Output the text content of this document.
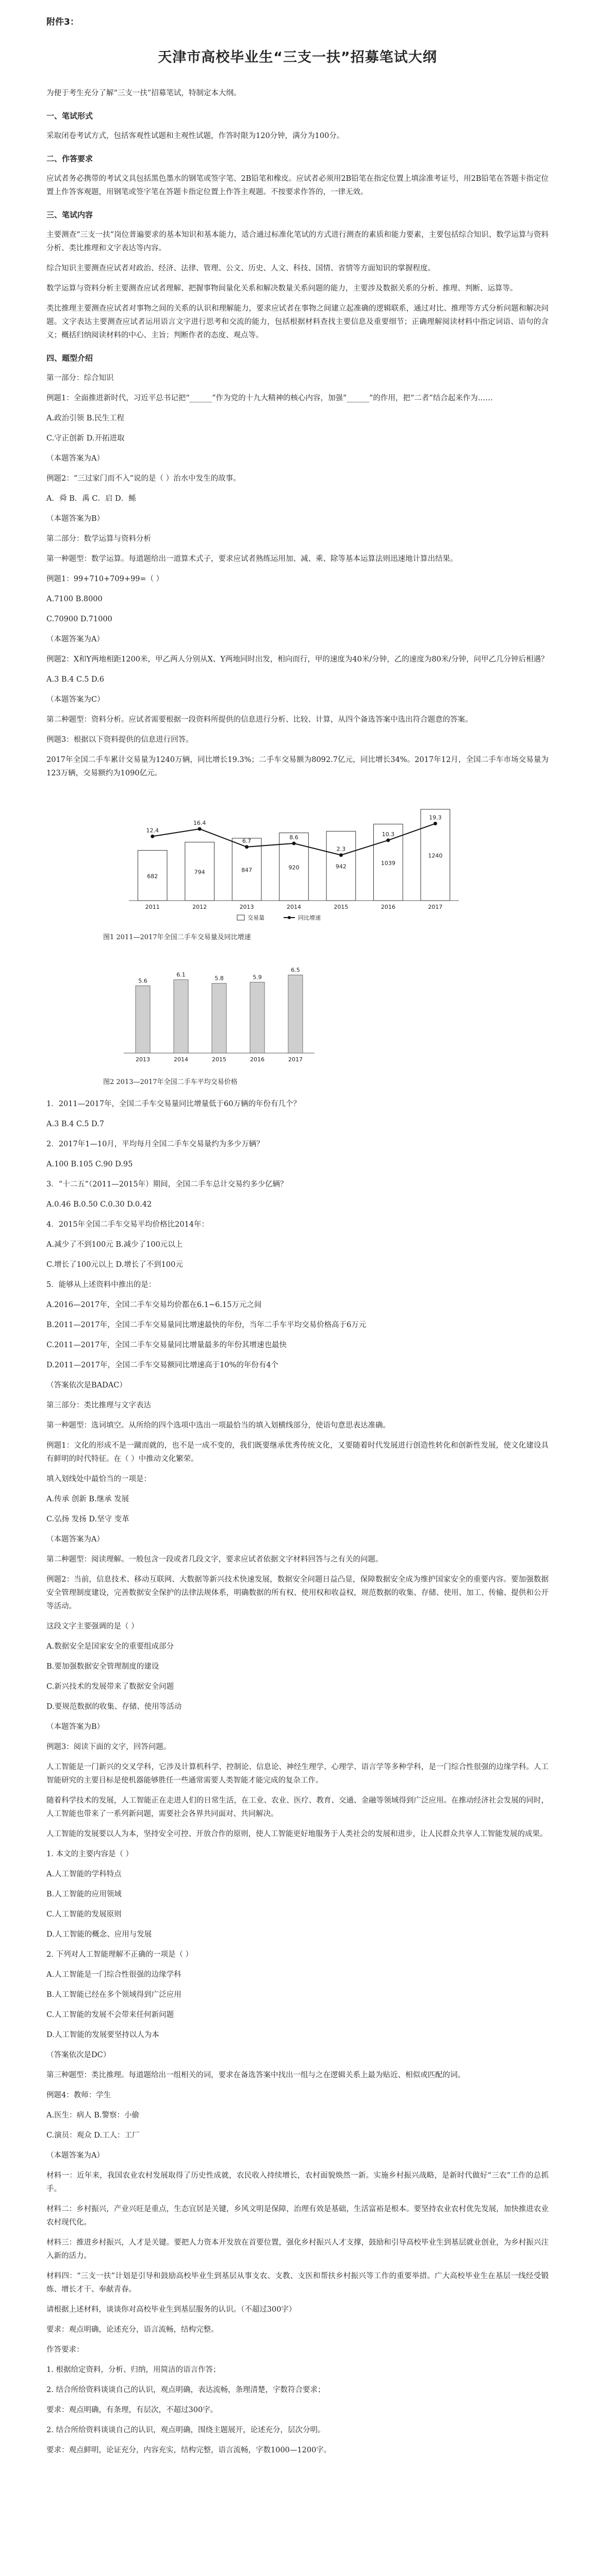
附件3：
天津市高校毕业生“三支一扶”招募笔试大纲

为便于考生充分了解“三支一扶”招募笔试，特制定本大纲。

一、笔试形式

采取闭卷考试方式，包括客观性试题和主观性试题，作答时限为120分钟，满分为100分。

二、作答要求

应试者务必携带的考试文具包括黑色墨水的钢笔或签字笔、2B铅笔和橡皮。应试者必须用2B铅笔在指定位置上填涂准考证号，用2B铅笔在答题卡指定位置上作答客观题，用钢笔或签字笔在答题卡指定位置上作答主观题。不按要求作答的，一律无效。

三、笔试内容

主要测查“三支一扶”岗位普遍要求的基本知识和基本能力，适合通过标准化笔试的方式进行测查的素质和能力要素，主要包括综合知识、数学运算与资料分析、类比推理和文字表达等内容。

综合知识主要测查应试者对政治、经济、法律、管理、公文、历史、人文、科技、国情、省情等方面知识的掌握程度。

数学运算与资料分析主要测查应试者理解、把握事物间量化关系和解决数量关系问题的能力，主要涉及数据关系的分析、推理、判断、运算等。

类比推理主要测查应试者对事物之间的关系的认识和理解能力，要求应试者在事物之间建立起准确的逻辑联系，通过对比、推理等方式分析问题和解决问题。文字表达主要测查应试者运用语言文字进行思考和交流的能力，包括根据材料查找主要信息及重要细节；正确理解阅读材料中指定词语、语句的含义；概括归纳阅读材料的中心、主旨；判断作者的态度、观点等。

四、题型介绍

第一部分：综合知识

例题1：全面推进新时代，习近平总书记把“______”作为党的十九大精神的核心内容，加强“______”的作用，把“二者”结合起来作为……

A.政治引领 B.民生工程

C.守正创新 D.开拓进取

（本题答案为A）

例题2：“三过家门而不入”说的是（ ）治水中发生的故事。

A．舜 B．禹 C．启 D．鲧

（本题答案为B）

第二部分：数学运算与资料分析

第一种题型：数学运算。每道题给出一道算术式子，要求应试者熟练运用加、减、乘、除等基本运算法则迅速地计算出结果。

例题1：99+710+709+99=（ ）

A.7100 B.8000

C.70900 D.71000

（本题答案为A）

例题2：X和Y两地相距1200米，甲乙两人分别从X、Y两地同时出发，相向而行，甲的速度为40米/分钟，乙的速度为80米/分钟，问甲乙几分钟后相遇？

A.3 B.4 C.5 D.6

（本题答案为C）

第二种题型：资料分析。应试者需要根据一段资料所提供的信息进行分析、比较、计算，从四个备选答案中选出符合题意的答案。

例题3：根据以下资料提供的信息进行回答。

2017年全国二手车累计交易量为1240万辆，同比增长19.3%；二手车交易额为8092.7亿元，同比增长34%。2017年12月，全国二手车市场交易量为123万辆，交易额约为1090亿元。

682
2011
794
2012
847
2013
920
2014
942
2015
1039
2016
1240
2017
12.4
16.4
6.7
8.6
2.3
10.3
19.3
交易量	同比增速
图1 2011—2017年全国二手车交易量及同比增速
5.6
2013
6.1
2014
5.8
2015
5.9
2016
6.5
2017
图2 2013—2017年全国二手车平均交易价格

1．2011—2017年，全国二手车交易量同比增量低于60万辆的年份有几个？

A.3 B.4 C.5 D.7

2．2017年1—10月，平均每月全国二手车交易量约为多少万辆？

A.100 B.105 C.90 D.95

3．“十二五”（2011—2015年）期间，全国二手车总计交易约多少亿辆？

A.0.46 B.0.50 C.0.30 D.0.42

4．2015年全国二手车交易平均价格比2014年：

A.减少了不到100元 B.减少了100元以上

C.增长了100元以上 D.增长了不到100元

5．能够从上述资料中推出的是：

A.2016—2017年，全国二手车交易均价都在6.1~6.15万元之间

B.2011—2017年，全国二手车交易量同比增速最快的年份，当年二手车平均交易价格高于6万元

C.2011—2017年，全国二手车交易量同比增量最多的年份其增速也最快

D.2011—2017年，全国二手车交易额同比增速高于10%的年份有4个

（答案依次是BADAC）

第三部分：类比推理与文字表达

第一种题型：选词填空。从所给的四个选项中选出一项最恰当的填入划横线部分，使语句意思表达准确。

例题1：文化的形成不是一蹴而就的，也不是一成不变的，我们既要继承优秀传统文化，又要随着时代发展进行创造性转化和创新性发展，使文化建设具有鲜明的时代特征。在（ ）中推动文化繁荣。

填入划线处中最恰当的一项是：

A.传承 创新 B.继承 发展

C.弘扬 发扬 D.坚守 变革

（本题答案为A）

第二种题型：阅读理解。一般包含一段或者几段文字，要求应试者依据文字材料回答与之有关的问题。

例题2：当前，信息技术、移动互联网、大数据等新兴技术快速发展，数据安全问题日益凸显，保障数据安全成为维护国家安全的重要内容。要加强数据安全管理制度建设，完善数据安全保护的法律法规体系，明确数据的所有权、使用权和收益权，规范数据的收集、存储、使用、加工、传输、提供和公开等活动。

这段文字主要强调的是（ ）

A.数据安全是国家安全的重要组成部分

B.要加强数据安全管理制度的建设

C.新兴技术的发展带来了数据安全问题

D.要规范数据的收集、存储、使用等活动

（本题答案为B）

例题3：阅读下面的文字，回答问题。

人工智能是一门新兴的交叉学科，它涉及计算机科学、控制论、信息论、神经生理学、心理学、语言学等多种学科，是一门综合性很强的边缘学科。人工智能研究的主要目标是使机器能够胜任一些通常需要人类智能才能完成的复杂工作。

随着科学技术的发展，人工智能正在走进人们的日常生活，在工业、农业、医疗、教育、交通、金融等领域得到广泛应用。在推动经济社会发展的同时，人工智能也带来了一系列新问题，需要社会各界共同面对、共同解决。

人工智能的发展要以人为本，坚持安全可控、开放合作的原则，使人工智能更好地服务于人类社会的发展和进步，让人民群众共享人工智能发展的成果。

1. 本文的主要内容是（ ）

A.人工智能的学科特点

B.人工智能的应用领域

C.人工智能的发展原则

D.人工智能的概念、应用与发展

2. 下列对人工智能理解不正确的一项是（ ）

A.人工智能是一门综合性很强的边缘学科

B.人工智能已经在多个领域得到广泛应用

C.人工智能的发展不会带来任何新问题

D.人工智能的发展要坚持以人为本

（答案依次是DC）

第三种题型：类比推理。每道题给出一组相关的词，要求在备选答案中找出一组与之在逻辑关系上最为贴近、相似或匹配的词。

例题4：教师：学生

A.医生：病人 B.警察：小偷

C.演员：观众 D.工人：工厂

（本题答案为A）

材料一：近年来，我国农业农村发展取得了历史性成就，农民收入持续增长，农村面貌焕然一新。实施乡村振兴战略，是新时代做好“三农”工作的总抓手。

材料二：乡村振兴，产业兴旺是重点，生态宜居是关键，乡风文明是保障，治理有效是基础，生活富裕是根本。要坚持农业农村优先发展，加快推进农业农村现代化。

材料三：推进乡村振兴，人才是关键。要把人力资本开发放在首要位置，强化乡村振兴人才支撑，鼓励和引导高校毕业生到基层就业创业，为乡村振兴注入新的活力。

材料四：“三支一扶”计划是引导和鼓励高校毕业生到基层从事支农、支教、支医和帮扶乡村振兴等工作的重要举措。广大高校毕业生在基层一线经受锻炼、增长才干、奉献青春。

请根据上述材料，谈谈你对高校毕业生到基层服务的认识。（不超过300字）

要求：观点明确，论述充分，语言流畅，结构完整。

作答要求：

1. 根据给定资料，分析、归纳，用简洁的语言作答；

2. 结合所给资料谈谈自己的认识，观点明确，表达流畅，条理清楚，字数符合要求；

要求：观点明确，有条理，有层次，不超过300字。

2. 结合所给资料谈谈自己的认识，观点明确，围绕主题展开，论述充分，层次分明。

要求：观点鲜明，论证充分，内容充实，结构完整，语言流畅，字数1000—1200字。
